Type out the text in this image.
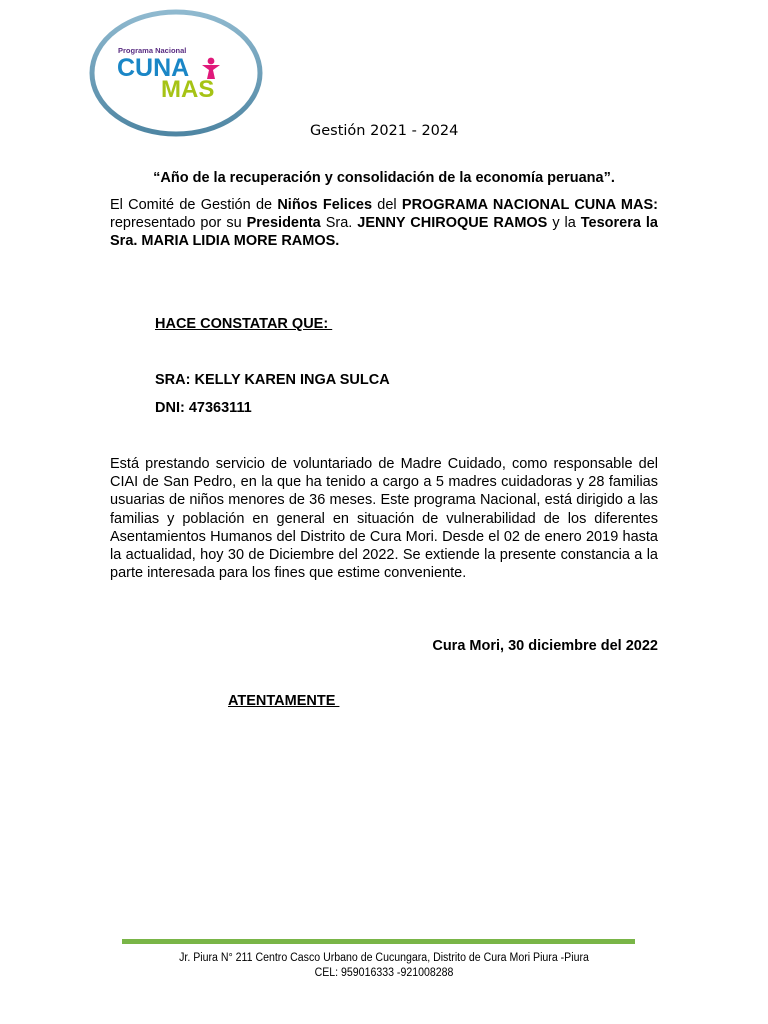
Programa Nacional
CUNA
MAS
Gestión 2021 - 2024
“Año de la recuperación y consolidación de la economía peruana”.
El Comité de Gestión de Niños Felices del PROGRAMA NACIONAL CUNA MAS: representado por su Presidenta Sra. JENNY CHIROQUE RAMOS y la Tesorera la Sra. MARIA LIDIA MORE RAMOS.
HACE CONSTATAR QUE:
SRA: KELLY KAREN INGA SULCA
DNI: 47363111
Está prestando servicio de voluntariado de Madre Cuidado, como responsable del CIAI de San Pedro, en la que ha tenido a cargo a 5 madres cuidadoras y 28 familias usuarias de niños menores de 36 meses. Este programa Nacional, está dirigido a las familias y población en general en situación de vulnerabilidad de los diferentes Asentamientos Humanos del Distrito de Cura Mori. Desde el 02 de enero 2019 hasta la actualidad, hoy 30 de Diciembre del 2022. Se extiende la presente constancia a la parte interesada para los fines que estime conveniente.
Cura Mori, 30 diciembre del 2022
ATENTAMENTE
Jr. Piura N° 211 Centro Casco Urbano de Cucungara, Distrito de Cura Mori Piura -Piura
CEL: 959016333 -921008288
